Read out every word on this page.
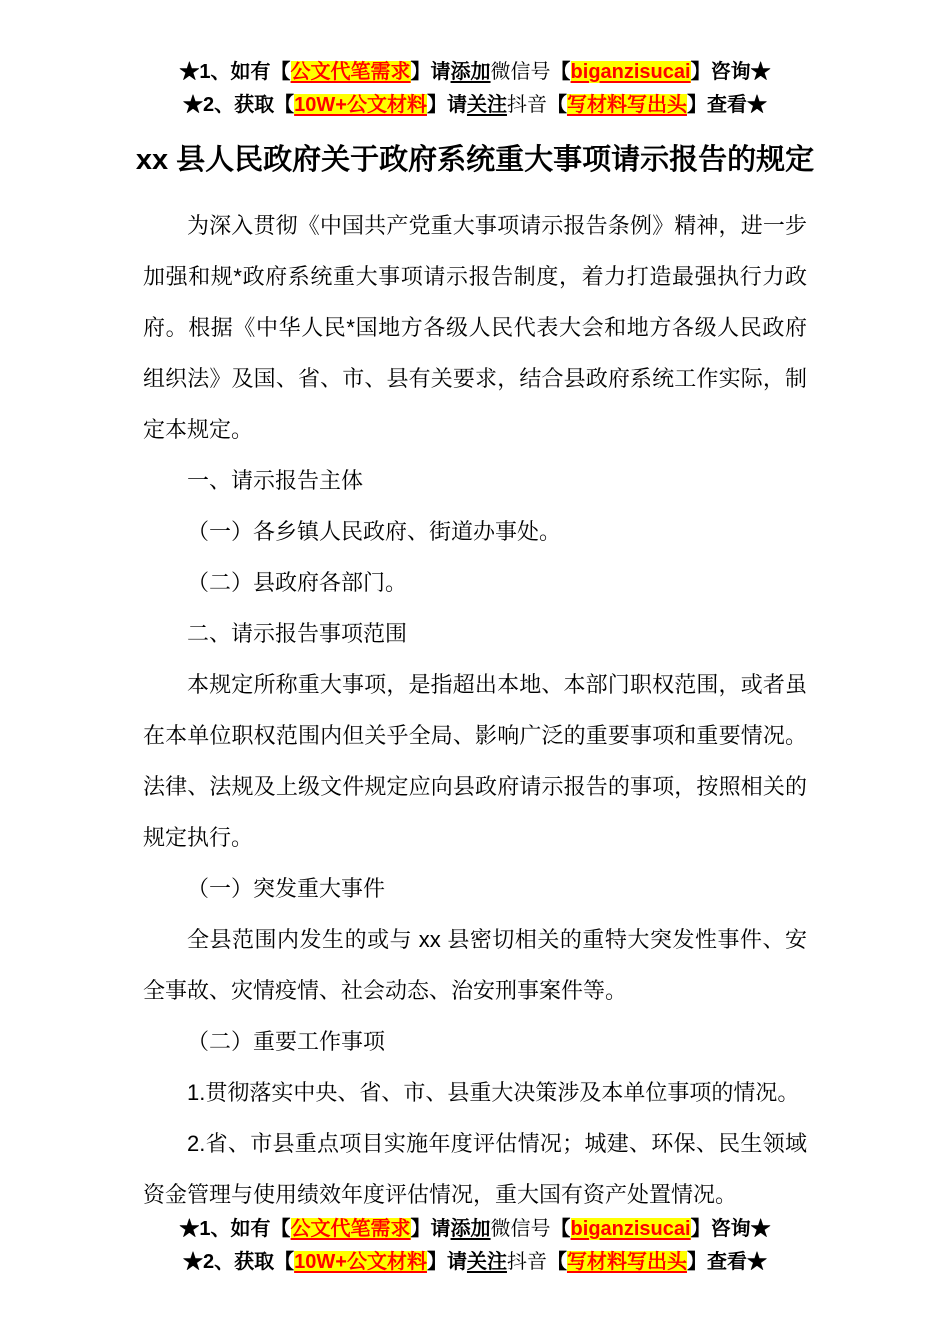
★1、如有【公文代笔需求】请添加微信号【biganzisucai】咨询★
★2、获取【10W+公文材料】请关注抖音【写材料写出头】查看★
xx 县人民政府关于政府系统重大事项请示报告的规定

为深入贯彻《中国共产党重大事项请示报告条例》精神，进一步加强和规*政府系统重大事项请示报告制度，着力打造最强执行力政府。根据《中华人民*国地方各级人民代表大会和地方各级人民政府组织法》及国、省、市、县有关要求，结合县政府系统工作实际，制定本规定。

一、请示报告主体

（一）各乡镇人民政府、街道办事处。

（二）县政府各部门。

二、请示报告事项范围

本规定所称重大事项，是指超出本地、本部门职权范围，或者虽在本单位职权范围内但关乎全局、影响广泛的重要事项和重要情况。法律、法规及上级文件规定应向县政府请示报告的事项，按照相关的规定执行。

（一）突发重大事件

全县范围内发生的或与 xx 县密切相关的重特大突发性事件、安全事故、灾情疫情、社会动态、治安刑事案件等。

（二）重要工作事项

1.贯彻落实中央、省、市、县重大决策涉及本单位事项的情况。

2.省、市县重点项目实施年度评估情况；城建、环保、民生领域资金管理与使用绩效年度评估情况，重大国有资产处置情况。

★1、如有【公文代笔需求】请添加微信号【biganzisucai】咨询★
★2、获取【10W+公文材料】请关注抖音【写材料写出头】查看★
